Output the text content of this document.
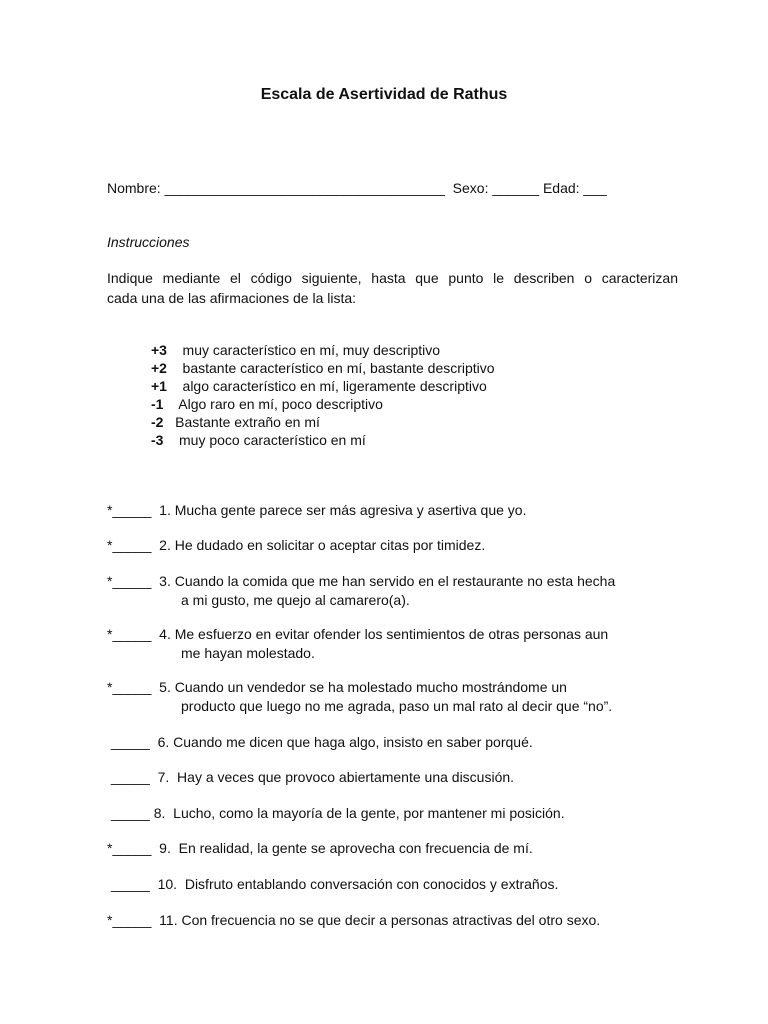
Escala de Asertividad de Rathus
Nombre: ____________________________________  Sexo: ______ Edad: ___
Instrucciones
Indique mediante el código siguiente, hasta que punto le describen o caracterizan
cada una de las afirmaciones de la lista:
+3 muy característico en mí, muy descriptivo
+2 bastante característico en mí, bastante descriptivo
+1 algo característico en mí, ligeramente descriptivo
-1 Algo raro en mí, poco descriptivo
-2 Bastante extraño en mí
-3 muy poco característico en mí
*_____  1. Mucha gente parece ser más agresiva y asertiva que yo.
*_____  2. He dudado en solicitar o aceptar citas por timidez.
*_____  3. Cuando la comida que me han servido en el restaurante no esta hecha
a mi gusto, me quejo al camarero(a).
*_____  4. Me esfuerzo en evitar ofender los sentimientos de otras personas aun
me hayan molestado.
*_____  5. Cuando un vendedor se ha molestado mucho mostrándome un
producto que luego no me agrada, paso un mal rato al decir que “no”.
_____  6. Cuando me dicen que haga algo, insisto en saber porqué.
_____  7.  Hay a veces que provoco abiertamente una discusión.
_____ 8.  Lucho, como la mayoría de la gente, por mantener mi posición.
*_____  9.  En realidad, la gente se aprovecha con frecuencia de mí.
_____  10.  Disfruto entablando conversación con conocidos y extraños.
*_____  11. Con frecuencia no se que decir a personas atractivas del otro sexo.
